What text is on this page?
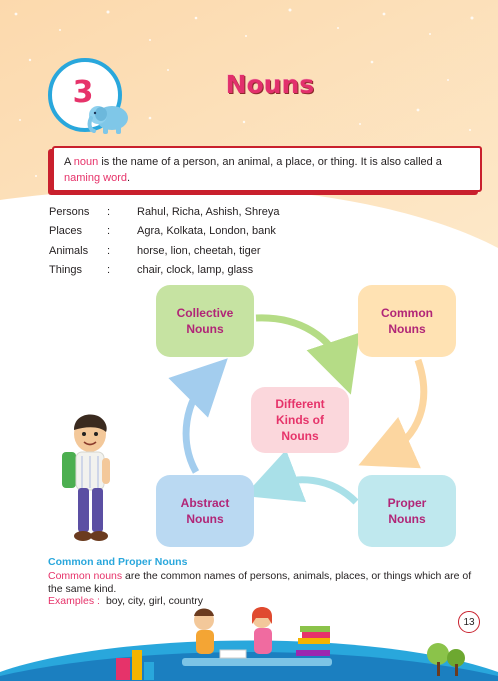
3	Nouns
A noun is the name of a person, an animal, a place, or thing. It is also called a naming word.
Persons	:	Rahul, Richa, Ashish, Shreya
Places	:	Agra, Kolkata, London, bank
Animals	:	horse, lion, cheetah, tiger
Things	:	chair, clock, lamp, glass
Collective
Nouns
Common
Nouns
Different
Kinds of
Nouns
Abstract
Nouns
Proper
Nouns
Common and Proper Nouns
Common nouns are the common names of persons, animals, places, or things which are of the same kind.
Examples : boy, city, girl, country
13
